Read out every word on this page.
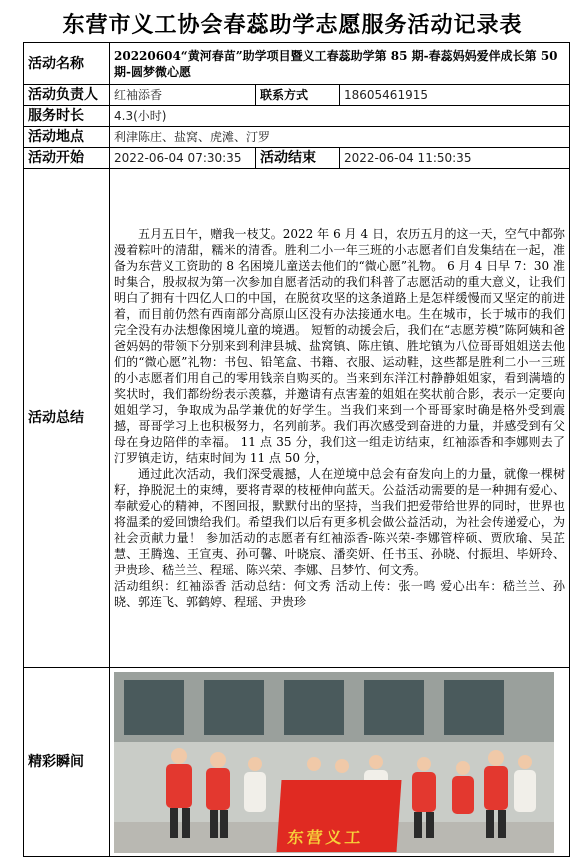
东营市义工协会春蕊助学志愿服务活动记录表
活动名称	20220604“黄河春苗”助学项目暨义工春蕊助学第 85 期-春蕊妈妈爱伴成长第 50 期-圆梦微心愿		
活动负责人	红袖添香	联系方式	18605461915
服务时长	4.3(小时)		
活动地点	利津陈庄、盐窝、虎滩、汀罗		
活动开始	2022-06-04 07:30:35	活动结束	2022-06-04 11:50:35
活动总结	五月五日午，赠我一枝艾。2022 年 6 月 4 日，农历五月的这一天，空气中都弥漫着粽叶的清甜，糯米的清香。胜利二小一年三班的小志愿者们自发集结在一起，准备为东营义工资助的 8 名困境儿童送去他们的“微心愿”礼物。 6 月 4 日早 7：30 准时集合，殷叔叔为第一次参加自愿者活动的我们科普了志愿活动的重大意义，让我们明白了拥有十四亿人口的中国，在脱贫攻坚的这条道路上是怎样缓慢而又坚定的前进着，而目前仍然有西南部分高原山区没有办法接通水电。生在城市，长于城市的我们完全没有办法想像困境儿童的境遇。 短暂的动援会后，我们在“志愿芳模”陈阿姨和爸爸妈妈的带领下分别来到利津县城、盐窝镇、陈庄镇、胜坨镇为八位哥哥姐姐送去他们的“微心愿”礼物：书包、铅笔盒、书籍、衣服、运动鞋，这些都是胜利二小一三班的小志愿者们用自己的零用钱亲自购买的。当来到东洋江村静静姐姐家，看到满墙的奖状时，我们都纷纷表示羡慕，并邀请有点害羞的姐姐在奖状前合影，表示一定要向姐姐学习，争取成为品学兼优的好学生。当我们来到一个哥哥家时确是格外受到震撼，哥哥学习上也积极努力，名列前茅。我们再次感受到奋进的力量，并感受到有父母在身边陪伴的幸福。 11 点 35 分，我们这一组走访结束，红袖添香和李娜则去了汀罗镇走访，结束时间为 11 点 50 分，

通过此次活动，我们深受震撼，人在逆境中总会有奋发向上的力量，就像一棵树籽，挣脱泥土的束缚，要将青翠的枝桠伸向蓝天。公益活动需要的是一种拥有爱心、奉献爱心的精神，不图回报，默默付出的坚持，当我们把爱带给世界的同时，世界也将温柔的爱回馈给我们。希望我们以后有更多机会做公益活动，为社会传递爱心，为社会贡献力量！ 参加活动的志愿者有红袖添香-陈兴荣-李娜管梓硕、贾欣瑜、吴芷慧、王腾逸、王宣夷、孙可馨、叶晓宸、潘奕妍、任书玉、孙晓、付振坦、毕妍玲、尹贵珍、嵇兰兰、程瑶、陈兴荣、李娜、吕梦竹、何文秀。

活动组织：红袖添香 活动总结：何文秀 活动上传：张一鸣 爱心出车：嵇兰兰、孙晓、郭连飞、郭鹤婷、程瑶、尹贵珍		

精彩瞬间	东营义工		
